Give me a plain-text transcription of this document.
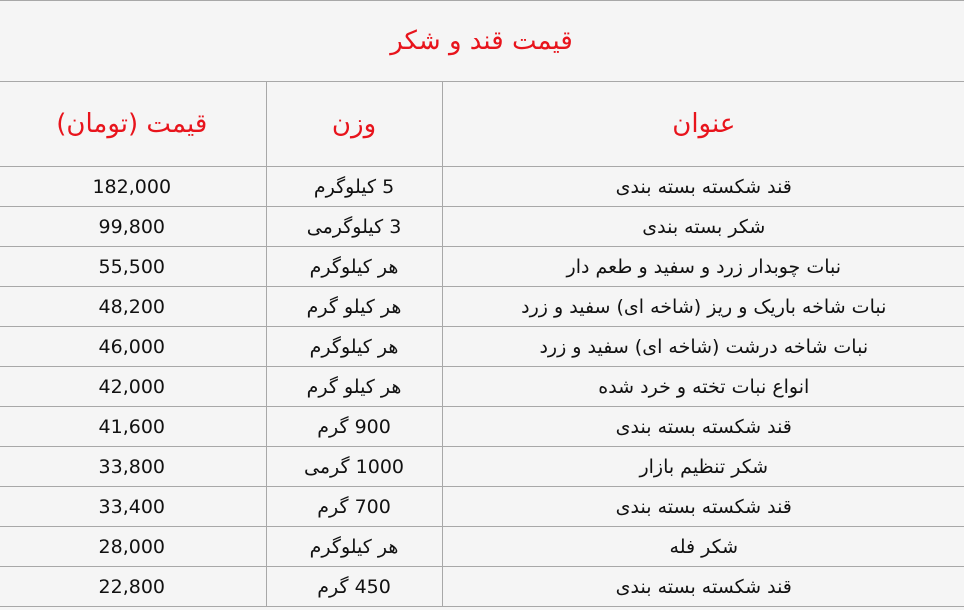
قیمت قند و شکر		
عنوان	وزن	قیمت (تومان)
قند شکسته بسته بندی	5 کیلوگرم	182,000
شکر بسته بندی	3 کیلوگرمی	99,800
نبات چوبدار زرد و سفید و طعم دار	هر کیلوگرم	55,500
نبات شاخه باریک و ریز (شاخه ای) سفید و زرد	هر کیلو گرم	48,200
نبات شاخه درشت (شاخه ای) سفید و زرد	هر کیلوگرم	46,000
انواع نبات تخته و خرد شده	هر کیلو گرم	42,000
قند شکسته بسته بندی	900 گرم	41,600
شکر تنظیم بازار	1000 گرمی	33,800
قند شکسته بسته بندی	700 گرم	33,400
شکر فله	هر کیلوگرم	28,000
قند شکسته بسته بندی	450 گرم	22,800
